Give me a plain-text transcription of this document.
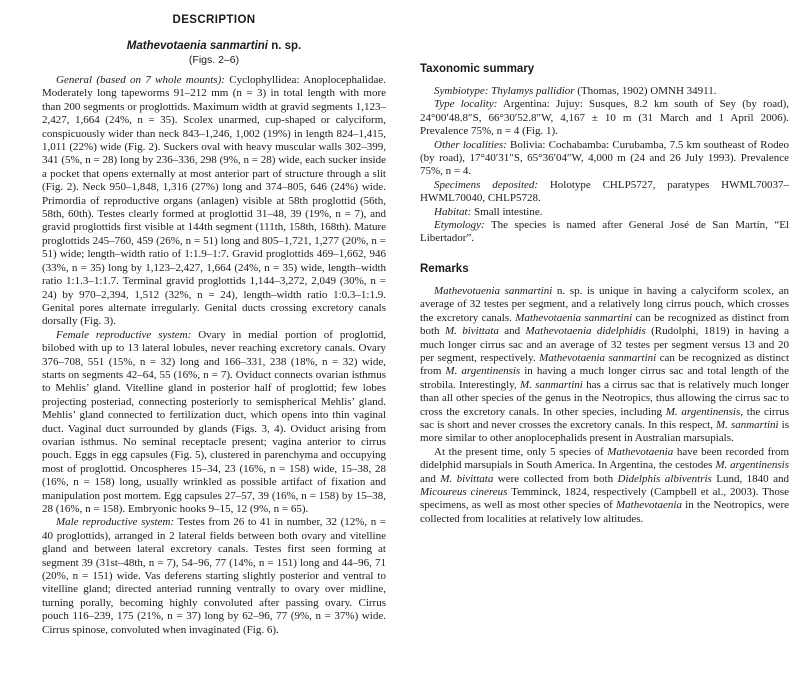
DESCRIPTION
Mathevotaenia sanmartini n. sp.
(Figs. 2–6)

General (based on 7 whole mounts): Cyclophyllidea: Anoplocephalidae. Moderately long tapeworms 91–212 mm (n = 3) in total length with more than 200 segments or proglottids. Maximum width at gravid segments 1,123–2,427, 1,664 (24%, n = 35). Scolex unarmed, cup-shaped or calyciform, conspicuously wider than neck 843–1,246, 1,002 (19%) in length 824–1,415, 1,011 (22%) wide (Fig. 2). Suckers oval with heavy muscular walls 302–399, 341 (5%, n = 28) long by 236–336, 298 (9%, n = 28) wide, each sucker inside a pocket that opens externally at most anterior part of structure through a slit (Fig. 2). Neck 950–1,848, 1,316 (27%) long and 374–805, 646 (24%) wide. Primordia of reproductive organs (anlagen) visible at 58th proglottid (56th, 58th, 60th). Testes clearly formed at proglottid 31–48, 39 (19%, n = 7), and gravid proglottids first visible at 144th segment (111th, 158th, 168th). Mature proglottids 245–760, 459 (26%, n = 51) long and 805–1,721, 1,277 (20%, n = 51) wide; length–width ratio of 1:1.9–1:7. Gravid proglottids 469–1,662, 946 (33%, n = 35) long by 1,123–2,427, 1,664 (24%, n = 35) wide, length–width ratio 1:1.3–1:1.7. Terminal gravid proglottids 1,144–3,272, 2,049 (30%, n = 24) by 970–2,394, 1,512 (32%, n = 24), length–width ratio 1:0.3–1:1.9. Genital pores alternate irregularly. Genital ducts crossing excretory canals dorsally (Fig. 3).

Female reproductive system: Ovary in medial portion of proglottid, bilobed with up to 13 lateral lobules, never reaching excretory canals. Ovary 376–708, 551 (15%, n = 32) long and 166–331, 238 (18%, n = 32) wide, starts on segments 42–64, 55 (16%, n = 7). Oviduct connects ovarian isthmus to Mehlis’ gland. Vitelline gland in posterior half of proglottid; few lobes projecting posteriad, connecting posteriorly to semispherical Mehlis’ gland. Mehlis’ gland connected to fertilization duct, which opens into thin vaginal duct. Vaginal duct surrounded by glands (Figs. 3, 4). Oviduct arising from ovarian isthmus. No seminal receptacle present; vagina anterior to cirrus pouch. Eggs in egg capsules (Fig. 5), clustered in parenchyma and occupying most of proglottid. Oncospheres 15–34, 23 (16%, n = 158) wide, 15–38, 28 (16%, n = 158) long, usually wrinkled as possible artifact of fixation and manipulation post mortem. Egg capsules 27–57, 39 (16%, n = 158) by 15–38, 28 (16%, n = 158). Embryonic hooks 9–15, 12 (9%, n = 65).

Male reproductive system: Testes from 26 to 41 in number, 32 (12%, n = 40 proglottids), arranged in 2 lateral fields between both ovary and vitelline gland and between lateral excretory canals. Testes first seen forming at segment 39 (31st–48th, n = 7), 54–96, 77 (14%, n = 151) long and 44–96, 71 (20%, n = 151) wide. Vas deferens starting slightly posterior and ventral to vitelline gland; directed anteriad running ventrally to ovary over midline, turning porally, becoming highly convoluted after passing ovary. Cirrus pouch 116–239, 175 (21%, n = 37) long by 62–96, 77 (9%, n = 37%) wide. Cirrus spinose, convoluted when invaginated (Fig. 6).

Taxonomic summary

Symbiotype: Thylamys pallidior (Thomas, 1902) OMNH 34911.

Type locality: Argentina: Jujuy: Susques, 8.2 km south of Sey (by road), 24°00′48.8″S, 66°30′52.8″W, 4,167 ± 10 m (31 March and 1 April 2006). Prevalence 75%, n = 4 (Fig. 1).

Other localities: Bolivia: Cochabamba: Curubamba, 7.5 km southeast of Rodeo (by road), 17°40′31″S, 65°36′04″W, 4,000 m (24 and 26 July 1993). Prevalence 75%, n = 4.

Specimens deposited: Holotype CHLP5727, paratypes HWML70037–HWML70040, CHLP5728.

Habitat: Small intestine.

Etymology: The species is named after General José de San Martín, “El Libertador”.

Remarks

Mathevotaenia sanmartini n. sp. is unique in having a calyciform scolex, an average of 32 testes per segment, and a relatively long cirrus pouch, which crosses the excretory canals. Mathevotaenia sanmartini can be recognized as distinct from both M. bivittata and Mathevotaenia didelphidis (Rudolphi, 1819) in having a much longer cirrus sac and an average of 32 testes per segment versus 13 and 20 per segment, respectively. Mathevotaenia sanmartini can be recognized as distinct from M. argentinensis in having a much longer cirrus sac and total length of the strobila. Interestingly, M. sanmartini has a cirrus sac that is relatively much longer than all other species of the genus in the Neotropics, thus allowing the cirrus sac to cross the excretory canals. In other species, including M. argentinensis, the cirrus sac is short and never crosses the excretory canals. In this respect, M. sanmartini is more similar to other anoplocephalids present in Australian marsupials.

At the present time, only 5 species of Mathevotaenia have been recorded from didelphid marsupials in South America. In Argentina, the cestodes M. argentinensis and M. bivittata were collected from both Didelphis albiventris Lund, 1840 and Micoureus cinereus Temminck, 1824, respectively (Campbell et al., 2003). Those specimens, as well as most other species of Mathevotaenia in the Neotropics, were collected from localities at relatively low altitudes.
